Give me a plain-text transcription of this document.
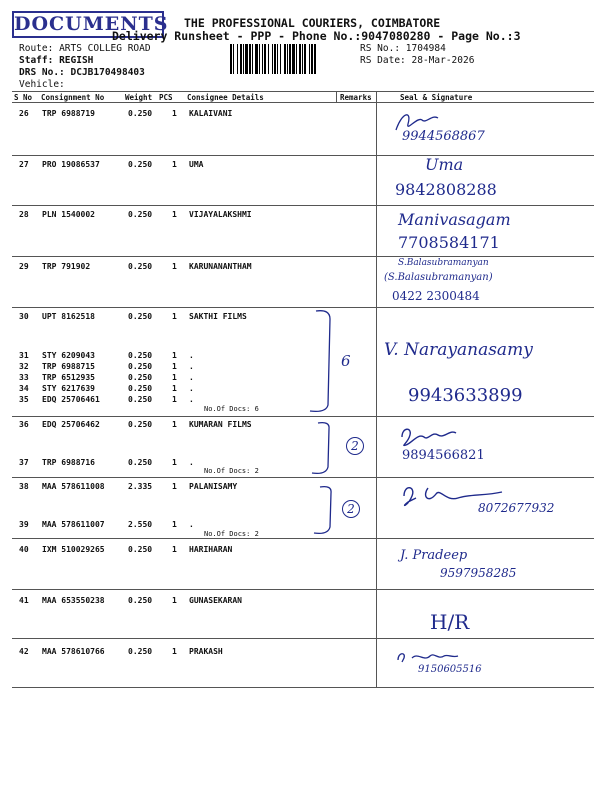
DOCUMENTS THE PROFESSIONAL COURIERS, COIMBATORE
Delivery Runsheet - PPP - Phone No.:9047080280 - Page No.:3
Route: ARTS COLLEG ROAD
Staff: REGISH
DRS No.: DCJB170498403
Vehicle:
RS No.: 1704984
RS Date: 28-Mar-2026
S No Consignment No	Weight PCS Consignee Details	Remarks	Seal & Signature
26 TRP 6988719	0.250 1 KALAIVANI
27 PRO 19086537	0.250 1 UMA
28 PLN 1540002	0.250 1 VIJAYALAKSHMI
29 TRP 791902	0.250 1 KARUNANANTHAM
30 UPT 8162518	0.250 1 SAKTHI FILMS
31 STY 6209043	0.250 1 .
32 TRP 6988715	0.250 1 .
33 TRP 6512935	0.250 1 .
34 STY 6217639	0.250 1 .
35 EDQ 25706461	0.250 1 .
36 EDQ 25706462	0.250 1 KUMARAN FILMS
37 TRP 6988716	0.250 1 .
38 MAA 578611008	2.335 1 PALANISAMY
39 MAA 578611007	2.550 1 .
40 IXM 510029265	0.250 1 HARIHARAN
41 MAA 653550238	0.250 1 GUNASEKARAN
42 MAA 578610766	0.250 1 PRAKASH
No.Of Docs: 6
No.Of Docs: 2
No.Of Docs: 2
6
2
2
9944568867
Uma
9842808288
Manivasagam
7708584171
S.Balasubramanyan
(S.Balasubramanyan)
0422 2300484
V. Narayanasamy
9943633899
9894566821
8072677932
J. Pradeep
9597958285
H/R
9150605516
